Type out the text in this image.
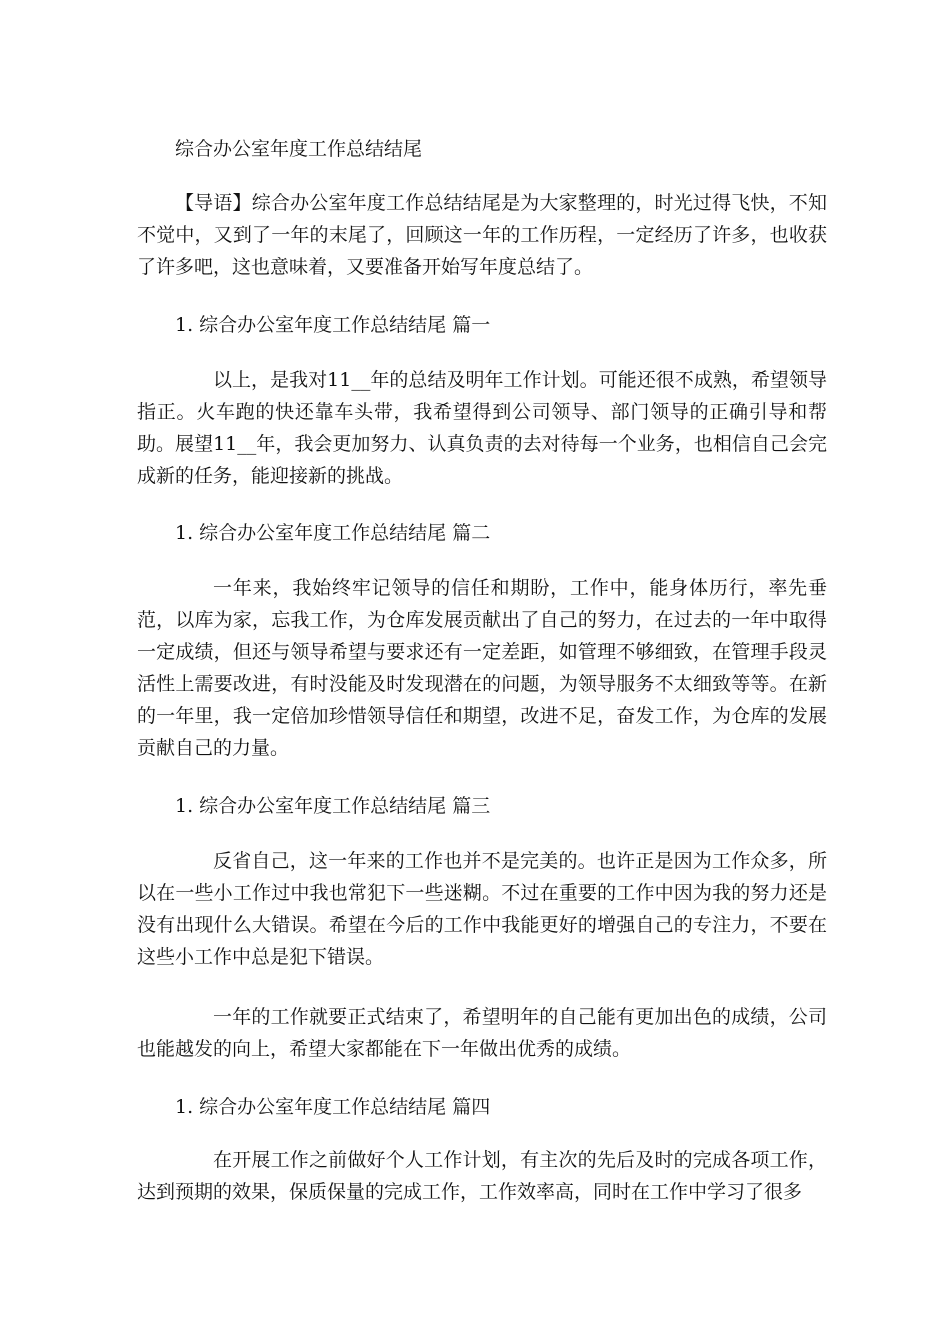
综合办公室年度工作总结结尾

【导语】综合办公室年度工作总结结尾是为大家整理的，时光过得飞快，不知不觉中，又到了一年的末尾了，回顾这一年的工作历程，一定经历了许多，也收获了许多吧，这也意味着，又要准备开始写年度总结了。

1. 综合办公室年度工作总结结尾 篇一

以上，是我对11__年的总结及明年工作计划。可能还很不成熟，希望领导指正。火车跑的快还靠车头带，我希望得到公司领导、部门领导的正确引导和帮助。展望11__年，我会更加努力、认真负责的去对待每一个业务，也相信自己会完成新的任务，能迎接新的挑战。

1. 综合办公室年度工作总结结尾 篇二

一年来，我始终牢记领导的信任和期盼，工作中，能身体历行，率先垂范，以库为家，忘我工作，为仓库发展贡献出了自己的努力，在过去的一年中取得一定成绩，但还与领导希望与要求还有一定差距，如管理不够细致，在管理手段灵活性上需要改进，有时没能及时发现潜在的问题，为领导服务不太细致等等。在新的一年里，我一定倍加珍惜领导信任和期望，改进不足，奋发工作，为仓库的发展贡献自己的力量。

1. 综合办公室年度工作总结结尾 篇三

反省自己，这一年来的工作也并不是完美的。也许正是因为工作众多，所以在一些小工作过中我也常犯下一些迷糊。不过在重要的工作中因为我的努力还是没有出现什么大错误。希望在今后的工作中我能更好的增强自己的专注力，不要在这些小工作中总是犯下错误。

一年的工作就要正式结束了，希望明年的自己能有更加出色的成绩，公司也能越发的向上，希望大家都能在下一年做出优秀的成绩。

1. 综合办公室年度工作总结结尾 篇四

在开展工作之前做好个人工作计划，有主次的先后及时的完成各项工作，达到预期的效果，保质保量的完成工作，工作效率高，同时在工作中学习了很多
